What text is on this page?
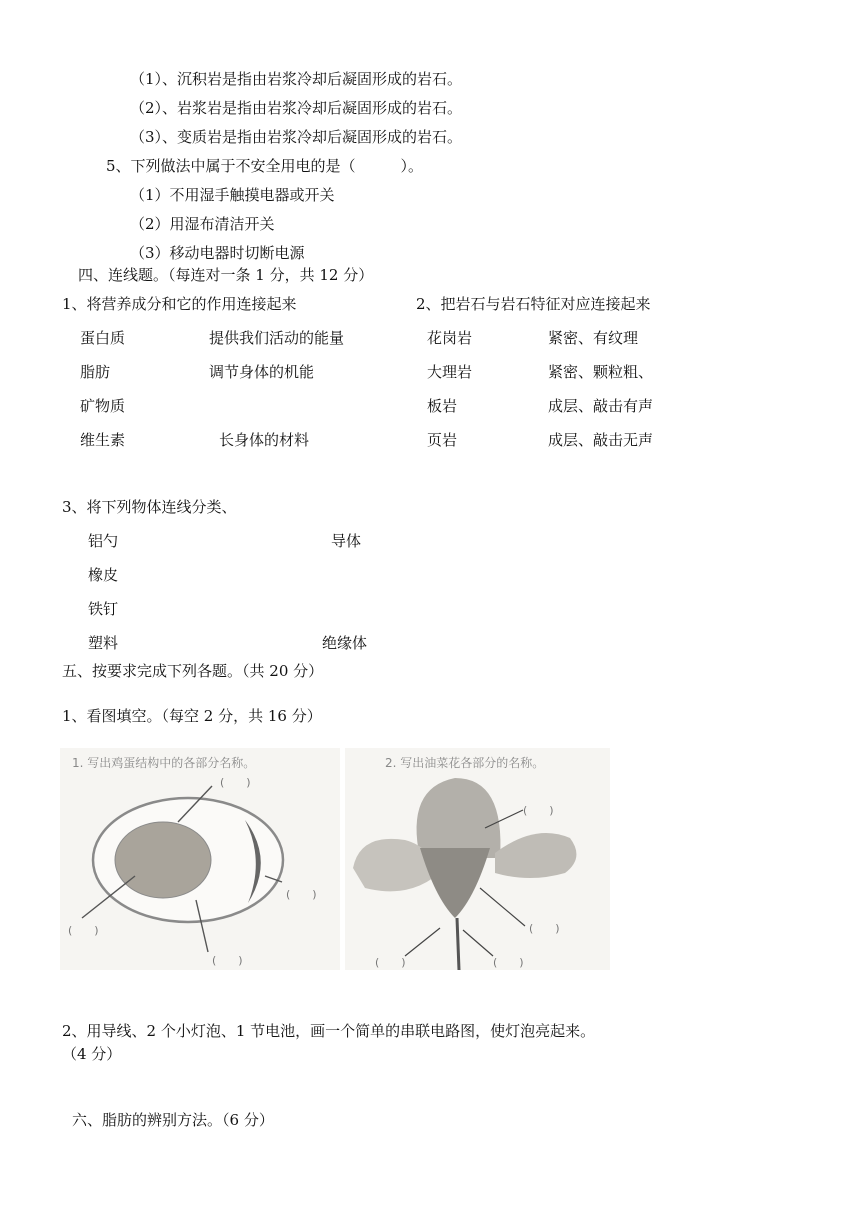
（1）、沉积岩是指由岩浆冷却后凝固形成的岩石。
（2）、岩浆岩是指由岩浆冷却后凝固形成的岩石。
（3）、变质岩是指由岩浆冷却后凝固形成的岩石。
5、下列做法中属于不安全用电的是（　　　）。
（1）不用湿手触摸电器或开关
（2）用湿布清洁开关
（3）移动电器时切断电源
四、连线题。（每连对一条 1 分，共 12 分）
1、将营养成分和它的作用连接起来	2、把岩石与岩石特征对应连接起来
蛋白质
脂肪
矿物质
维生素
提供我们活动的能量
调节身体的机能
长身体的材料
花岗岩
大理岩
板岩
页岩
紧密、有纹理
紧密、颗粒粗、
成层、敲击有声
成层、敲击无声
3、将下列物体连线分类、
铝勺
橡皮
铁钉
塑料
导体
绝缘体
五、按要求完成下列各题。（共 20 分）
1、看图填空。（每空 2 分，共 16 分）
1. 写出鸡蛋结构中的各部分名称。
(　　)
(　　)
(　　)
(　　)
2. 写出油菜花各部分的名称。
(　　)
(　　)
(　　)	(　　)
2、用导线、2 个小灯泡、1 节电池，画一个简单的串联电路图，使灯泡亮起来。
（4 分）
六、脂肪的辨别方法。（6 分）
